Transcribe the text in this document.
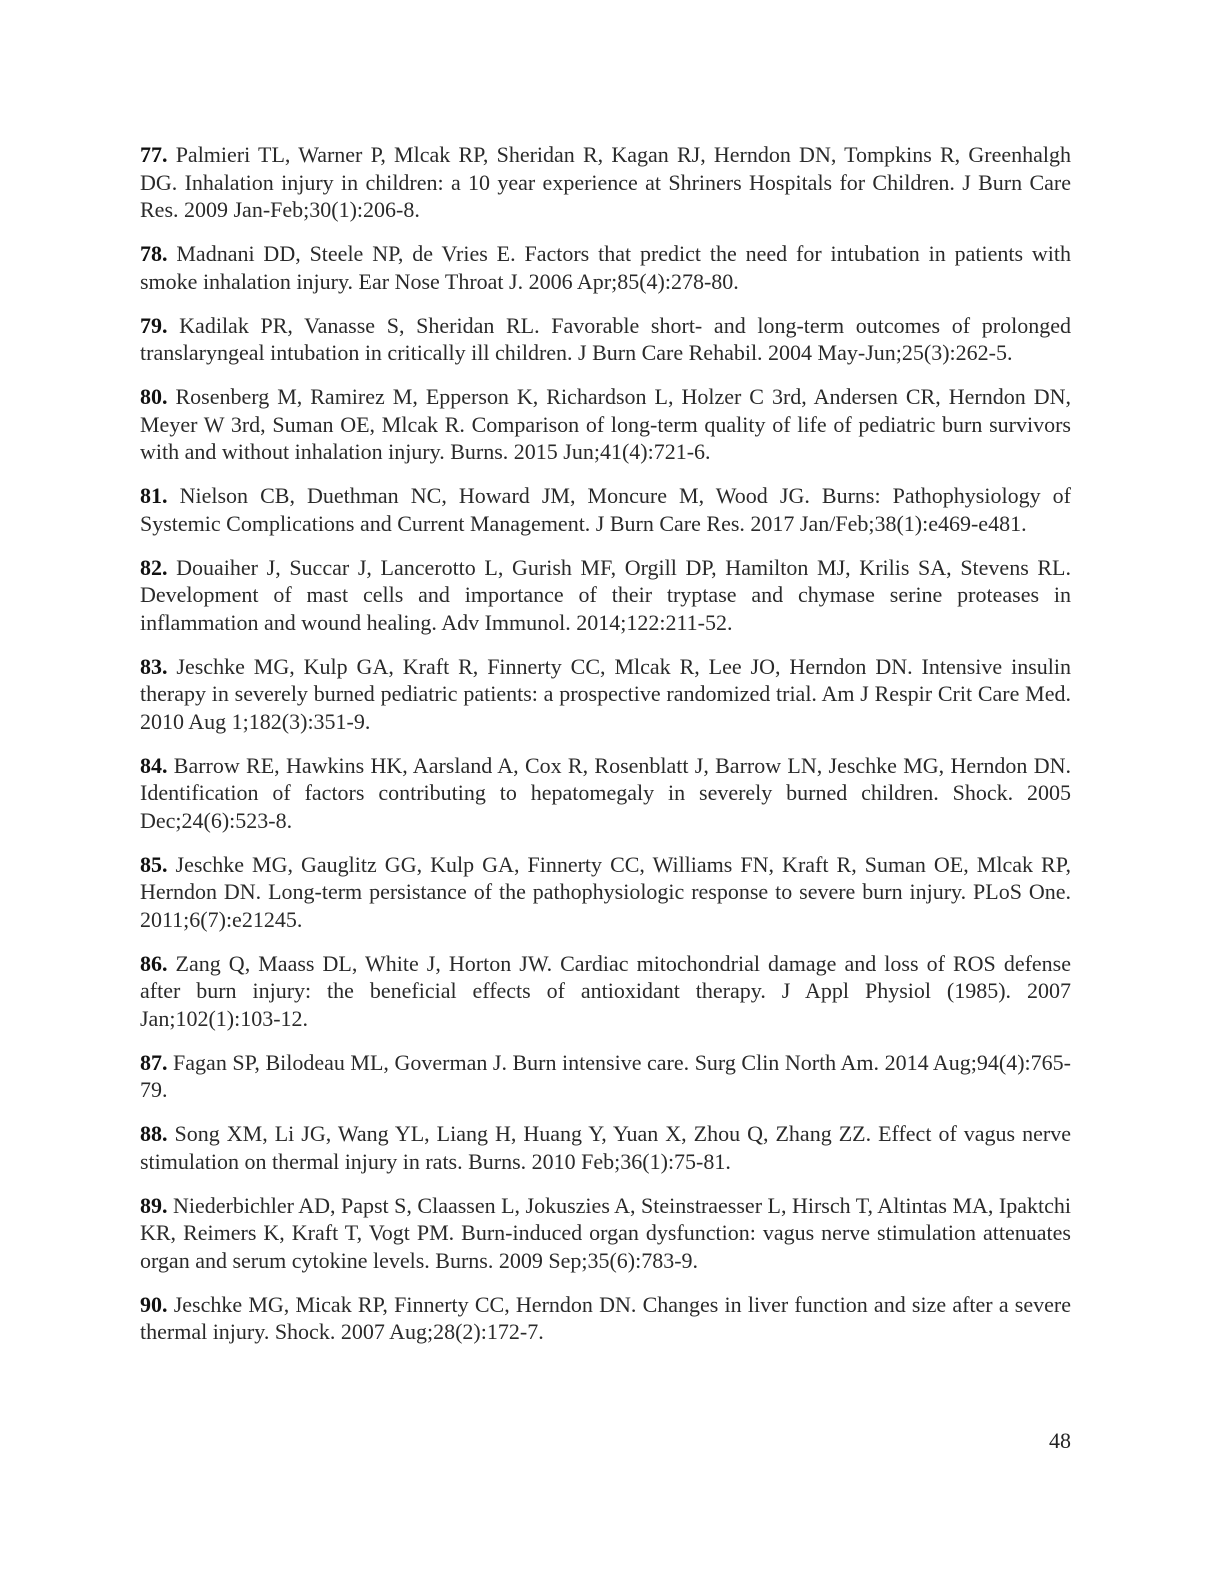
77. Palmieri TL, Warner P, Mlcak RP, Sheridan R, Kagan RJ, Herndon DN, Tompkins R, Greenhalgh DG. Inhalation injury in children: a 10 year experience at Shriners Hospitals for Children. J Burn Care Res. 2009 Jan-Feb;30(1):206-8.

78. Madnani DD, Steele NP, de Vries E. Factors that predict the need for intubation in patients with smoke inhalation injury. Ear Nose Throat J. 2006 Apr;85(4):278-80.

79. Kadilak PR, Vanasse S, Sheridan RL. Favorable short- and long-term outcomes of prolonged translaryngeal intubation in critically ill children. J Burn Care Rehabil. 2004 May-Jun;25(3):262-5.

80. Rosenberg M, Ramirez M, Epperson K, Richardson L, Holzer C 3rd, Andersen CR, Herndon DN, Meyer W 3rd, Suman OE, Mlcak R. Comparison of long-term quality of life of pediatric burn survivors with and without inhalation injury. Burns. 2015 Jun;41(4):721-6.

81. Nielson CB, Duethman NC, Howard JM, Moncure M, Wood JG. Burns: Pathophysiology of Systemic Complications and Current Management. J Burn Care Res. 2017 Jan/Feb;38(1):e469-e481.

82. Douaiher J, Succar J, Lancerotto L, Gurish MF, Orgill DP, Hamilton MJ, Krilis SA, Stevens RL. Development of mast cells and importance of their tryptase and chymase serine proteases in inflammation and wound healing. Adv Immunol. 2014;122:211-52.

83. Jeschke MG, Kulp GA, Kraft R, Finnerty CC, Mlcak R, Lee JO, Herndon DN. Intensive insulin therapy in severely burned pediatric patients: a prospective randomized trial. Am J Respir Crit Care Med. 2010 Aug 1;182(3):351-9.

84. Barrow RE, Hawkins HK, Aarsland A, Cox R, Rosenblatt J, Barrow LN, Jeschke MG, Herndon DN. Identification of factors contributing to hepatomegaly in severely burned children. Shock. 2005 Dec;24(6):523-8.

85. Jeschke MG, Gauglitz GG, Kulp GA, Finnerty CC, Williams FN, Kraft R, Suman OE, Mlcak RP, Herndon DN. Long-term persistance of the pathophysiologic response to severe burn injury. PLoS One. 2011;6(7):e21245.

86. Zang Q, Maass DL, White J, Horton JW. Cardiac mitochondrial damage and loss of ROS defense after burn injury: the beneficial effects of antioxidant therapy. J Appl Physiol (1985). 2007 Jan;102(1):103-12.

87. Fagan SP, Bilodeau ML, Goverman J. Burn intensive care. Surg Clin North Am. 2014 Aug;94(4):765-79.

88. Song XM, Li JG, Wang YL, Liang H, Huang Y, Yuan X, Zhou Q, Zhang ZZ. Effect of vagus nerve stimulation on thermal injury in rats. Burns. 2010 Feb;36(1):75-81.

89. Niederbichler AD, Papst S, Claassen L, Jokuszies A, Steinstraesser L, Hirsch T, Altintas MA, Ipaktchi KR, Reimers K, Kraft T, Vogt PM. Burn-induced organ dysfunction: vagus nerve stimulation attenuates organ and serum cytokine levels. Burns. 2009 Sep;35(6):783-9.

90. Jeschke MG, Micak RP, Finnerty CC, Herndon DN. Changes in liver function and size after a severe thermal injury. Shock. 2007 Aug;28(2):172-7.

48
